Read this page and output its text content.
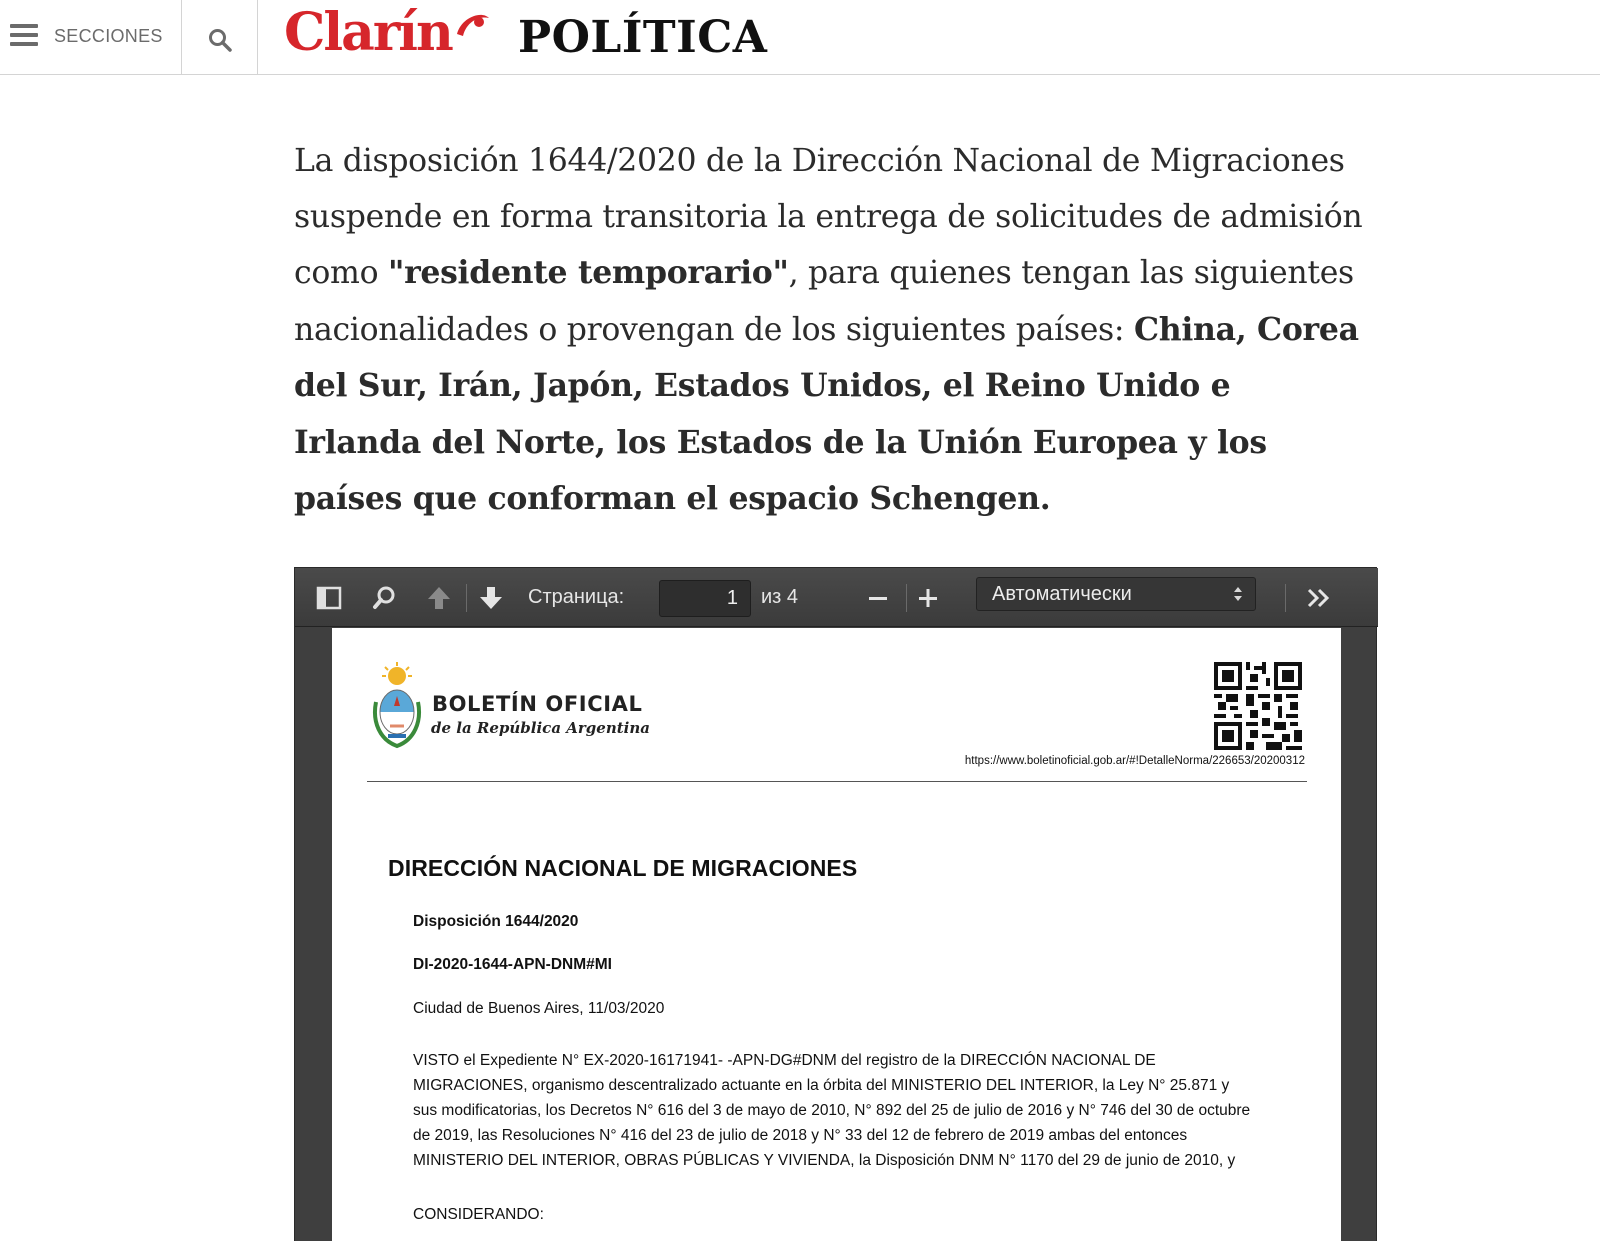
SECCIONES Clarín POLÍTICA

La disposición 1644/2020 de la Dirección Nacional de Migraciones suspende en forma transitoria la entrega de solicitudes de admisión como "residente temporario", para quienes tengan las siguientes nacionalidades o provengan de los siguientes países: China, Corea del Sur, Irán, Japón, Estados Unidos, el Reino Unido e Irlanda del Norte, los Estados de la Unión Europea y los países que conforman el espacio Schengen.

Страница:
1	из 4	Автоматически
BOLETÍN OFICIAL
de la República Argentina
https://www.boletinoficial.gob.ar/#!DetalleNorma/226653/20200312
DIRECCIÓN NACIONAL DE MIGRACIONES
Disposición 1644/2020
DI-2020-1644-APN-DNM#MI
Ciudad de Buenos Aires, 11/03/2020
VISTO el Expediente N° EX-2020-16171941- -APN-DG#DNM del registro de la DIRECCIÓN NACIONAL DE MIGRACIONES, organismo descentralizado actuante en la órbita del MINISTERIO DEL INTERIOR, la Ley N° 25.871 y sus modificatorias, los Decretos N° 616 del 3 de mayo de 2010, N° 892 del 25 de julio de 2016 y N° 746 del 30 de octubre de 2019, las Resoluciones N° 416 del 23 de julio de 2018 y N° 33 del 12 de febrero de 2019 ambas del entonces MINISTERIO DEL INTERIOR, OBRAS PÚBLICAS Y VIVIENDA, la Disposición DNM N° 1170 del 29 de junio de 2010, y
CONSIDERANDO:
